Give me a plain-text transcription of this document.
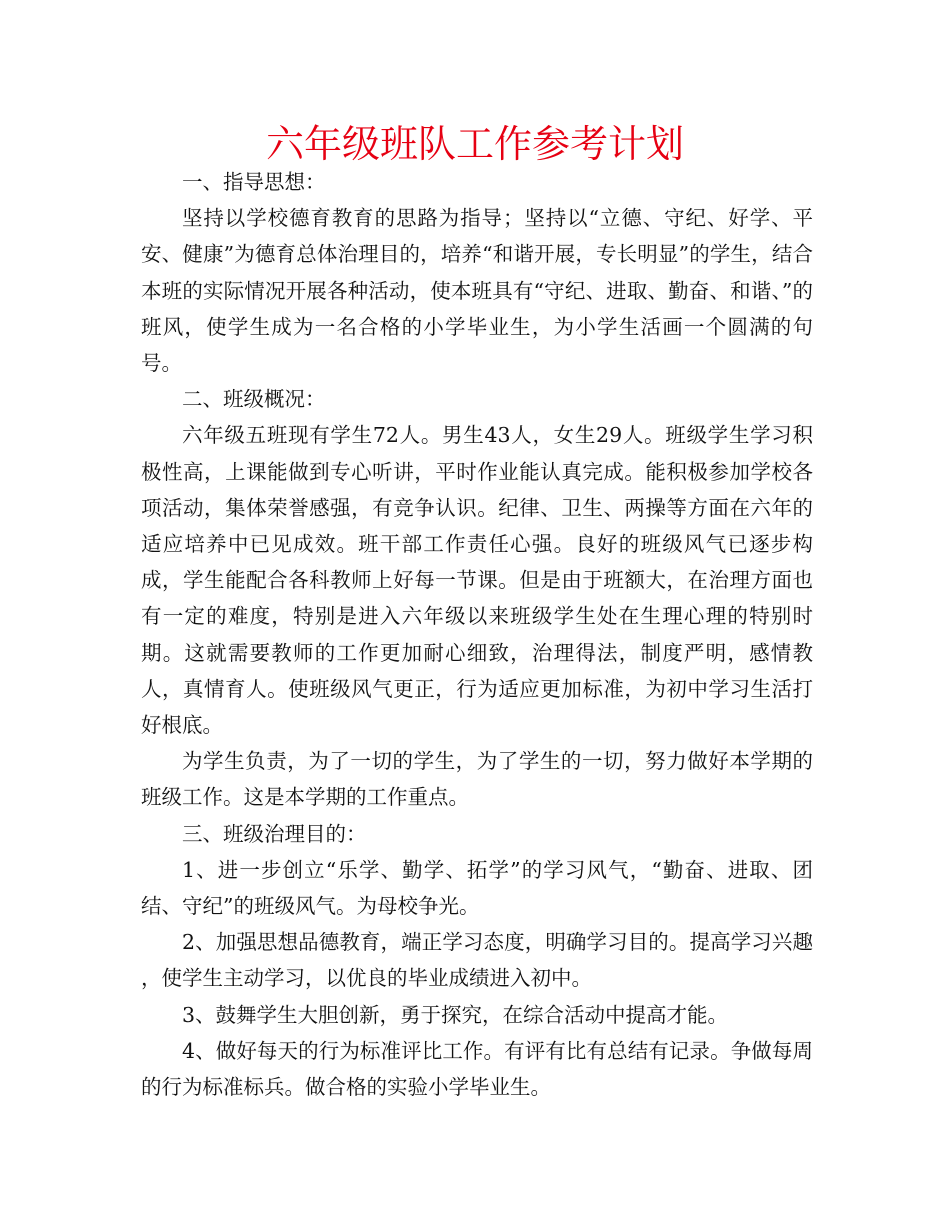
六年级班队工作参考计划

一、指导思想：

坚持以学校德育教育的思路为指导；坚持以“立德、守纪、好学、平安、健康”为德育总体治理目的，培养“和谐开展，专长明显”的学生，结合本班的实际情况开展各种活动，使本班具有“守纪、进取、勤奋、和谐、”的班风，使学生成为一名合格的小学毕业生，为小学生活画一个圆满的句号。

二、班级概况：

六年级五班现有学生72人。男生43人，女生29人。班级学生学习积极性高，上课能做到专心听讲，平时作业能认真完成。能积极参加学校各项活动，集体荣誉感强，有竞争认识。纪律、卫生、两操等方面在六年的适应培养中已见成效。班干部工作责任心强。良好的班级风气已逐步构成，学生能配合各科教师上好每一节课。但是由于班额大，在治理方面也有一定的难度，特别是进入六年级以来班级学生处在生理心理的特别时期。这就需要教师的工作更加耐心细致，治理得法，制度严明，感情教人，真情育人。使班级风气更正，行为适应更加标准，为初中学习生活打好根底。

为学生负责，为了一切的学生，为了学生的一切，努力做好本学期的班级工作。这是本学期的工作重点。

三、班级治理目的：

1、进一步创立“乐学、勤学、拓学”的学习风气，“勤奋、进取、团结、守纪”的班级风气。为母校争光。

2、加强思想品德教育，端正学习态度，明确学习目的。提高学习兴趣 ，使学生主动学习，以优良的毕业成绩进入初中。

3、鼓舞学生大胆创新，勇于探究，在综合活动中提高才能。

4、做好每天的行为标准评比工作。有评有比有总结有记录。争做每周的行为标准标兵。做合格的实验小学毕业生。
